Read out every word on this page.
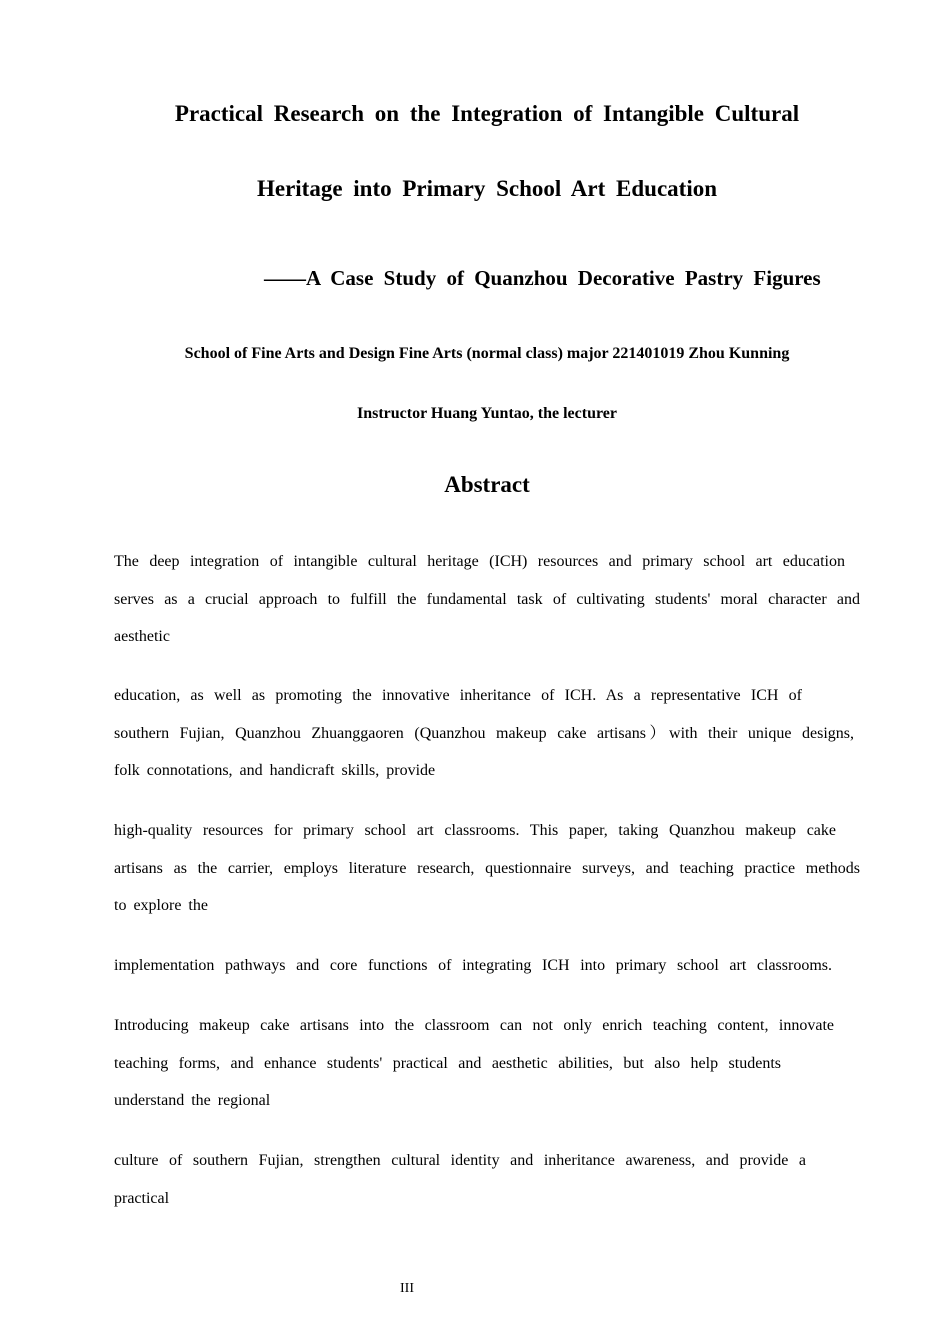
Practical Research on the Integration of Intangible Cultural
Heritage into Primary School Art Education
——A Case Study of Quanzhou Decorative Pastry Figures
School of Fine Arts and Design Fine Arts (normal class) major 221401019 Zhou Kunning
Instructor Huang Yuntao, the lecturer
Abstract
The deep integration of intangible cultural heritage (ICH) resources and primary school art education
serves as a crucial approach to fulfill the fundamental task of cultivating students' moral character and
aesthetic
education, as well as promoting the innovative inheritance of ICH. As a representative ICH of
southern Fujian, Quanzhou Zhuanggaoren (Quanzhou makeup cake artisans）with their unique designs,
folk connotations, and handicraft skills, provide
high-quality resources for primary school art classrooms. This paper, taking Quanzhou makeup cake
artisans as the carrier, employs literature research, questionnaire surveys, and teaching practice methods
to explore the
implementation pathways and core functions of integrating ICH into primary school art classrooms.
Introducing makeup cake artisans into the classroom can not only enrich teaching content, innovate
teaching forms, and enhance students' practical and aesthetic abilities, but also help students
understand the regional
culture of southern Fujian, strengthen cultural identity and inheritance awareness, and provide a
practical
III
